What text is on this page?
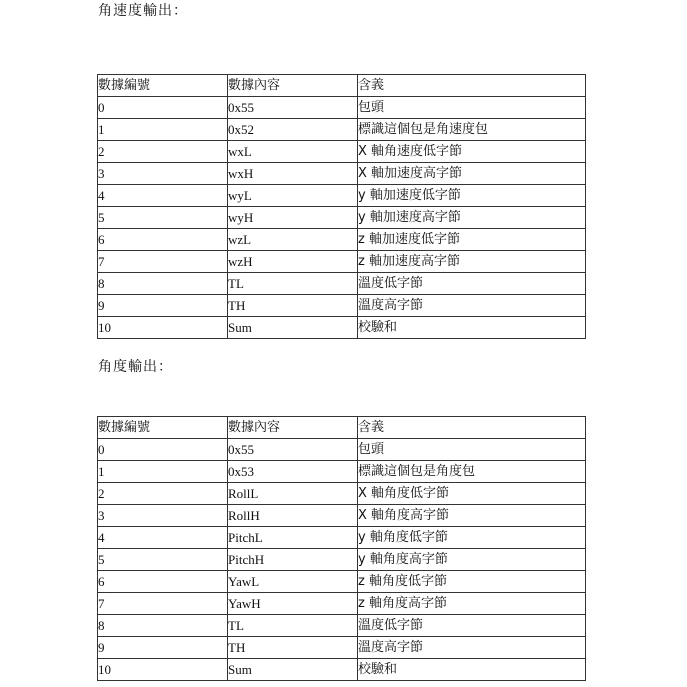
角速度輸出：
數據編號	數據內容	含義
0	0x55	包頭
1	0x52	標識這個包是角速度包
2	wxL	X 軸角速度低字節
3	wxH	X 軸加速度高字節
4	wyL	y 軸加速度低字節
5	wyH	y 軸加速度高字節
6	wzL	z 軸加速度低字節
7	wzH	z 軸加速度高字節
8	TL	溫度低字節
9	TH	溫度高字節
10	Sum	校驗和
角度輸出：
數據編號	數據內容	含義
0	0x55	包頭
1	0x53	標識這個包是角度包
2	RollL	X 軸角度低字節
3	RollH	X 軸角度高字節
4	PitchL	y 軸角度低字節
5	PitchH	y 軸角度高字節
6	YawL	z 軸角度低字節
7	YawH	z 軸角度高字節
8	TL	溫度低字節
9	TH	溫度高字節
10	Sum	校驗和
